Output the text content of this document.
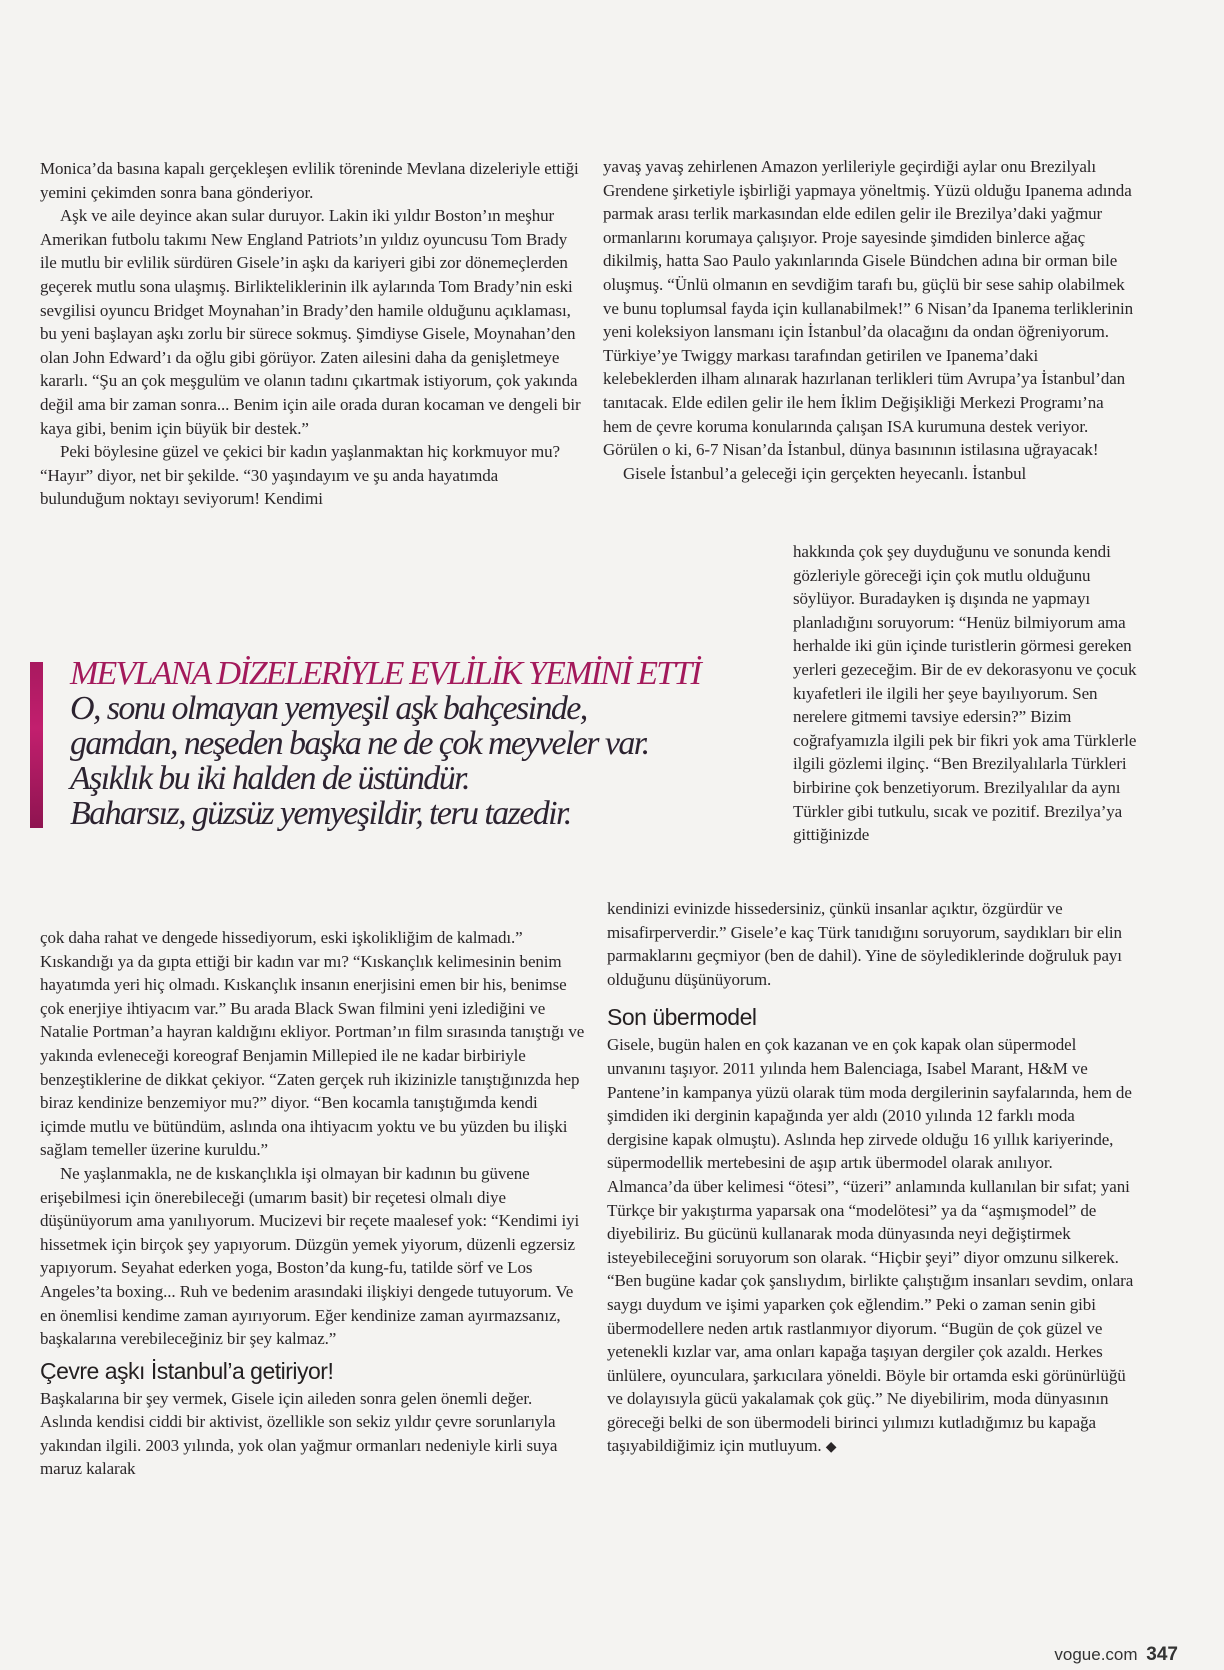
Monica’da basına kapalı gerçekleşen evlilik töreninde Mevlana dizeleriyle ettiği yemini çekimden sonra bana gönderiyor.

Aşk ve aile deyince akan sular duruyor. Lakin iki yıldır Boston’ın meşhur Amerikan futbolu takımı New England Patriots’ın yıldız oyuncusu Tom Brady ile mutlu bir evlilik sürdüren Gisele’in aşkı da kariyeri gibi zor dönemeçlerden geçerek mutlu sona ulaşmış. Birlikteliklerinin ilk aylarında Tom Brady’nin eski sevgilisi oyuncu Bridget Moynahan’in Brady’den hamile olduğunu açıklaması, bu yeni başlayan aşkı zorlu bir sürece sokmuş. Şimdiyse Gisele, Moynahan’den olan John Edward’ı da oğlu gibi görüyor. Zaten ailesini daha da genişletmeye kararlı. “Şu an çok meşgulüm ve olanın tadını çıkartmak istiyorum, çok yakında değil ama bir zaman sonra... Benim için aile orada duran kocaman ve dengeli bir kaya gibi, benim için büyük bir destek.”

Peki böylesine güzel ve çekici bir kadın yaşlanmaktan hiç korkmuyor mu? “Hayır” diyor, net bir şekilde. “30 yaşındayım ve şu anda hayatımda bulunduğum noktayı seviyorum! Kendimi

MEVLANA DİZELERİYLE EVLİLİK YEMİNİ ETTİ
O, sonu olmayan yemyeşil aşk bahçesinde,
gamdan, neşeden başka ne de çok meyveler var.
Aşıklık bu iki halden de üstündür.
Baharsız, güzsüz yemyeşildir, teru tazedir.

çok daha rahat ve dengede hissediyorum, eski işkolikliğim de kalmadı.” Kıskandığı ya da gıpta ettiği bir kadın var mı? “Kıskançlık kelimesinin benim hayatımda yeri hiç olmadı. Kıskançlık insanın enerjisini emen bir his, benimse çok enerjiye ihtiyacım var.” Bu arada Black Swan filmini yeni izlediğini ve Natalie Portman’a hayran kaldığını ekliyor. Portman’ın film sırasında tanıştığı ve yakında evleneceği koreograf Benjamin Millepied ile ne kadar birbiriyle benzeştiklerine de dikkat çekiyor. “Zaten gerçek ruh ikizinizle tanıştığınızda hep biraz kendinize benzemiyor mu?” diyor. “Ben kocamla tanıştığımda kendi içimde mutlu ve bütündüm, aslında ona ihtiyacım yoktu ve bu yüzden bu ilişki sağlam temeller üzerine kuruldu.”

Ne yaşlanmakla, ne de kıskançlıkla işi olmayan bir kadının bu güvene erişebilmesi için önerebileceği (umarım basit) bir reçetesi olmalı diye düşünüyorum ama yanılıyorum. Mucizevi bir reçete maalesef yok: “Kendimi iyi hissetmek için birçok şey yapıyorum. Düzgün yemek yiyorum, düzenli egzersiz yapıyorum. Seyahat ederken yoga, Boston’da kung-fu, tatilde sörf ve Los Angeles’ta boxing... Ruh ve bedenim arasındaki ilişkiyi dengede tutuyorum. Ve en önemlisi kendime zaman ayırıyorum. Eğer kendinize zaman ayırmazsanız, başkalarına verebileceğiniz bir şey kalmaz.”

Çevre aşkı İstanbul’a getiriyor!

Başkalarına bir şey vermek, Gisele için aileden sonra gelen önemli değer. Aslında kendisi ciddi bir aktivist, özellikle son sekiz yıldır çevre sorunlarıyla yakından ilgili. 2003 yılında, yok olan yağmur ormanları nedeniyle kirli suya maruz kalarak

yavaş yavaş zehirlenen Amazon yerlileriyle geçirdiği aylar onu Brezilyalı Grendene şirketiyle işbirliği yapmaya yöneltmiş. Yüzü olduğu Ipanema adında parmak arası terlik markasından elde edilen gelir ile Brezilya’daki yağmur ormanlarını korumaya çalışıyor. Proje sayesinde şimdiden binlerce ağaç dikilmiş, hatta Sao Paulo yakınlarında Gisele Bündchen adına bir orman bile oluşmuş. “Ünlü olmanın en sevdiğim tarafı bu, güçlü bir sese sahip olabilmek ve bunu toplumsal fayda için kullanabilmek!” 6 Nisan’da Ipanema terliklerinin yeni koleksiyon lansmanı için İstanbul’da olacağını da ondan öğreniyorum. Türkiye’ye Twiggy markası tarafından getirilen ve Ipanema’daki kelebeklerden ilham alınarak hazırlanan terlikleri tüm Avrupa’ya İstanbul’dan tanıtacak. Elde edilen gelir ile hem İklim Değişikliği Merkezi Programı’na hem de çevre koruma konularında çalışan ISA kurumuna destek veriyor. Görülen o ki, 6-7 Nisan’da İstanbul, dünya basınının istilasına uğrayacak!

Gisele İstanbul’a geleceği için gerçekten heyecanlı. İstanbul

hakkında çok şey duyduğunu ve sonunda kendi gözleriyle göreceği için çok mutlu olduğunu söylüyor. Buradayken iş dışında ne yapmayı planladığını soruyorum: “Henüz bilmiyorum ama herhalde iki gün içinde turistlerin görmesi gereken yerleri gezeceğim. Bir de ev dekorasyonu ve çocuk kıyafetleri ile ilgili her şeye bayılıyorum. Sen nerelere gitmemi tavsiye edersin?” Bizim coğrafyamızla ilgili pek bir fikri yok ama Türklerle ilgili gözlemi ilginç. “Ben Brezilyalılarla Türkleri birbirine çok benzetiyorum. Brezilyalılar da aynı Türkler gibi tutkulu, sıcak ve pozitif. Brezilya’ya gittiğinizde

kendinizi evinizde hissedersiniz, çünkü insanlar açıktır, özgürdür ve misafirperverdir.” Gisele’e kaç Türk tanıdığını soruyorum, saydıkları bir elin parmaklarını geçmiyor (ben de dahil). Yine de söylediklerinde doğruluk payı olduğunu düşünüyorum.

Son übermodel

Gisele, bugün halen en çok kazanan ve en çok kapak olan süpermodel unvanını taşıyor. 2011 yılında hem Balenciaga, Isabel Marant, H&M ve Pantene’in kampanya yüzü olarak tüm moda dergilerinin sayfalarında, hem de şimdiden iki derginin kapağında yer aldı (2010 yılında 12 farklı moda dergisine kapak olmuştu). Aslında hep zirvede olduğu 16 yıllık kariyerinde, süpermodellik mertebesini de aşıp artık übermodel olarak anılıyor. Almanca’da über kelimesi “ötesi”, “üzeri” anlamında kullanılan bir sıfat; yani Türkçe bir yakıştırma yaparsak ona “modelötesi” ya da “aşmışmodel” de diyebiliriz. Bu gücünü kullanarak moda dünyasında neyi değiştirmek isteyebileceğini soruyorum son olarak. “Hiçbir şeyi” diyor omzunu silkerek. “Ben bugüne kadar çok şanslıydım, birlikte çalıştığım insanları sevdim, onlara saygı duydum ve işimi yaparken çok eğlendim.” Peki o zaman senin gibi übermodellere neden artık rastlanmıyor diyorum. “Bugün de çok güzel ve yetenekli kızlar var, ama onları kapağa taşıyan dergiler çok azaldı. Herkes ünlülere, oyunculara, şarkıcılara yöneldi. Böyle bir ortamda eski görünürlüğü ve dolayısıyla gücü yakalamak çok güç.” Ne diyebilirim, moda dünyasının göreceği belki de son übermodeli birinci yılımızı kutladığımız bu kapağa taşıyabildiğimiz için mutluyum. ◆

vogue.com 347
